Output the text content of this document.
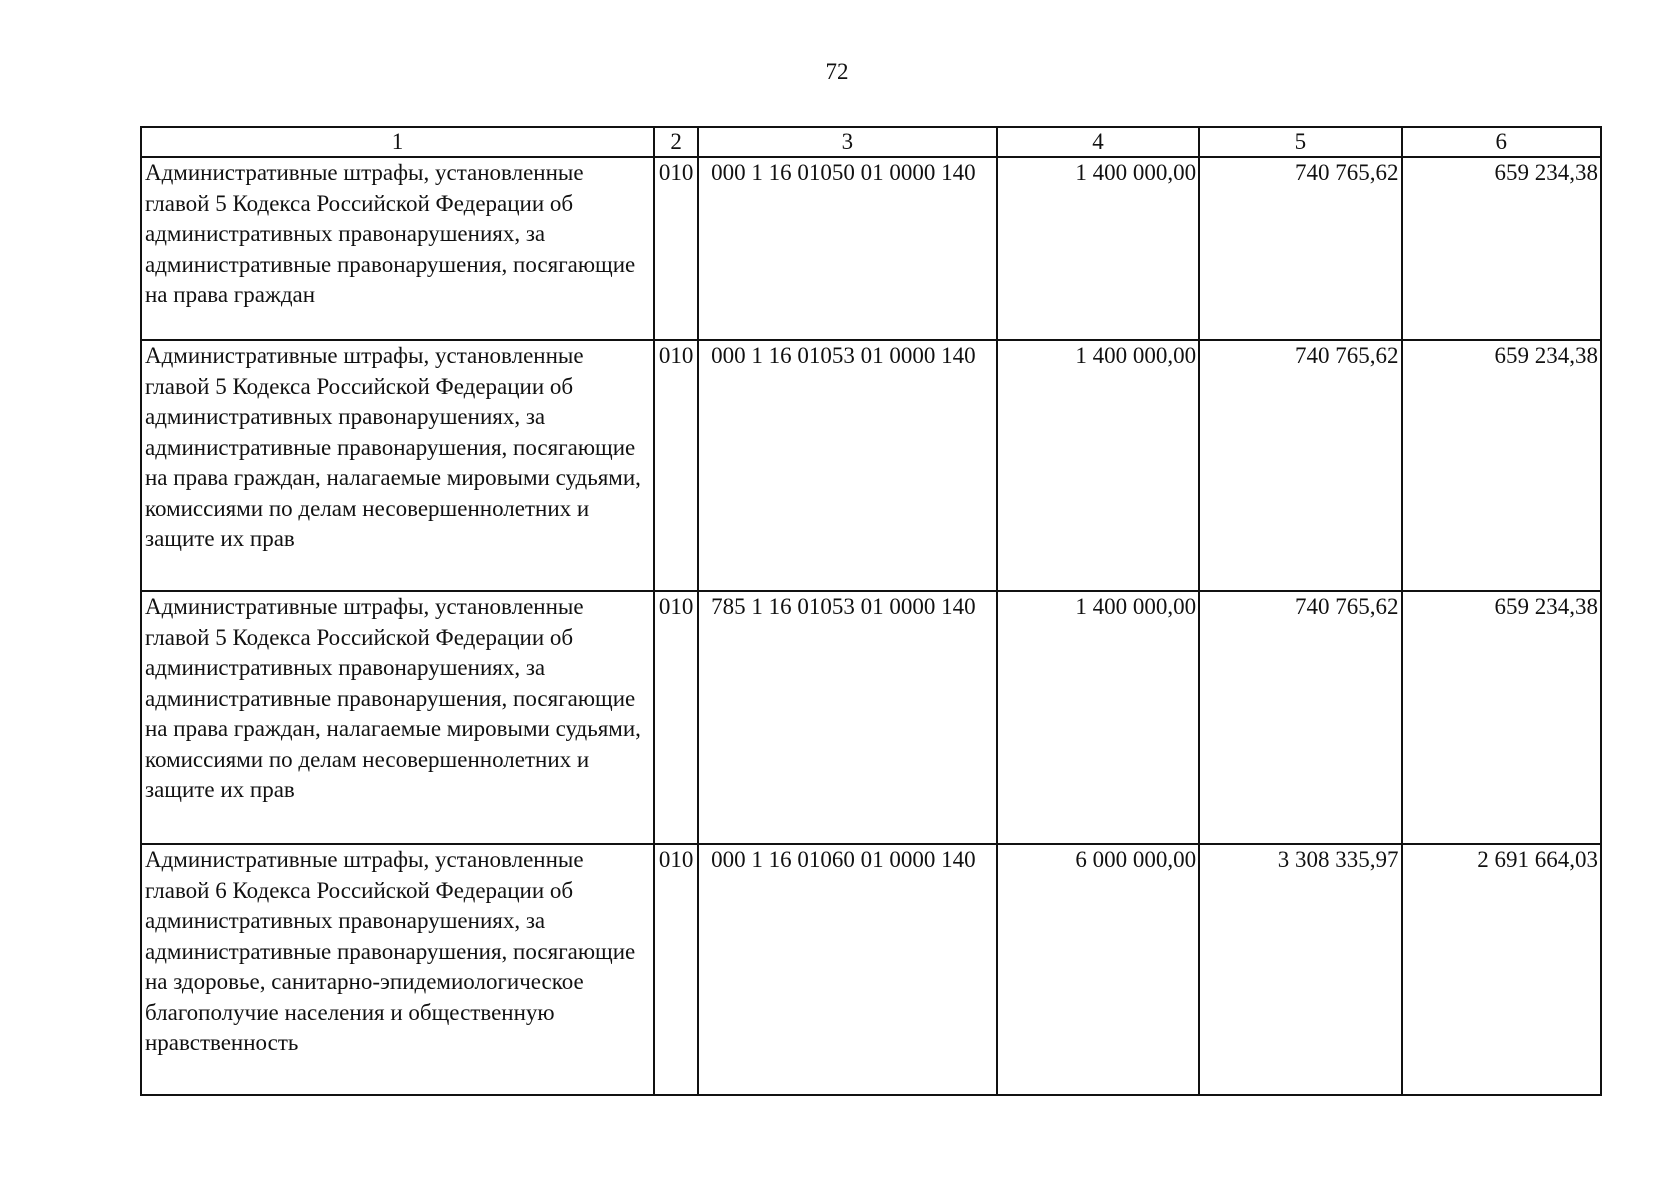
72
1	2	3	4	5	6
Административные штрафы, установленные главой 5 Кодекса Российской Федерации об административных правонарушениях, за административные правонарушения, посягающие на права граждан	010	000 1 16 01050 01 0000 140	1 400 000,00	740 765,62	659 234,38
Административные штрафы, установленные главой 5 Кодекса Российской Федерации об административных правонарушениях, за административные правонарушения, посягающие на права граждан, налагаемые мировыми судьями, комиссиями по делам несовершеннолетних и защите их прав	010	000 1 16 01053 01 0000 140	1 400 000,00	740 765,62	659 234,38
Административные штрафы, установленные главой 5 Кодекса Российской Федерации об административных правонарушениях, за административные правонарушения, посягающие на права граждан, налагаемые мировыми судьями, комиссиями по делам несовершеннолетних и защите их прав	010	785 1 16 01053 01 0000 140	1 400 000,00	740 765,62	659 234,38
Административные штрафы, установленные главой 6 Кодекса Российской Федерации об административных правонарушениях, за административные правонарушения, посягающие на здоровье, санитарно-эпидемиологическое благополучие населения и общественную нравственность	010	000 1 16 01060 01 0000 140	6 000 000,00	3 308 335,97	2 691 664,03
